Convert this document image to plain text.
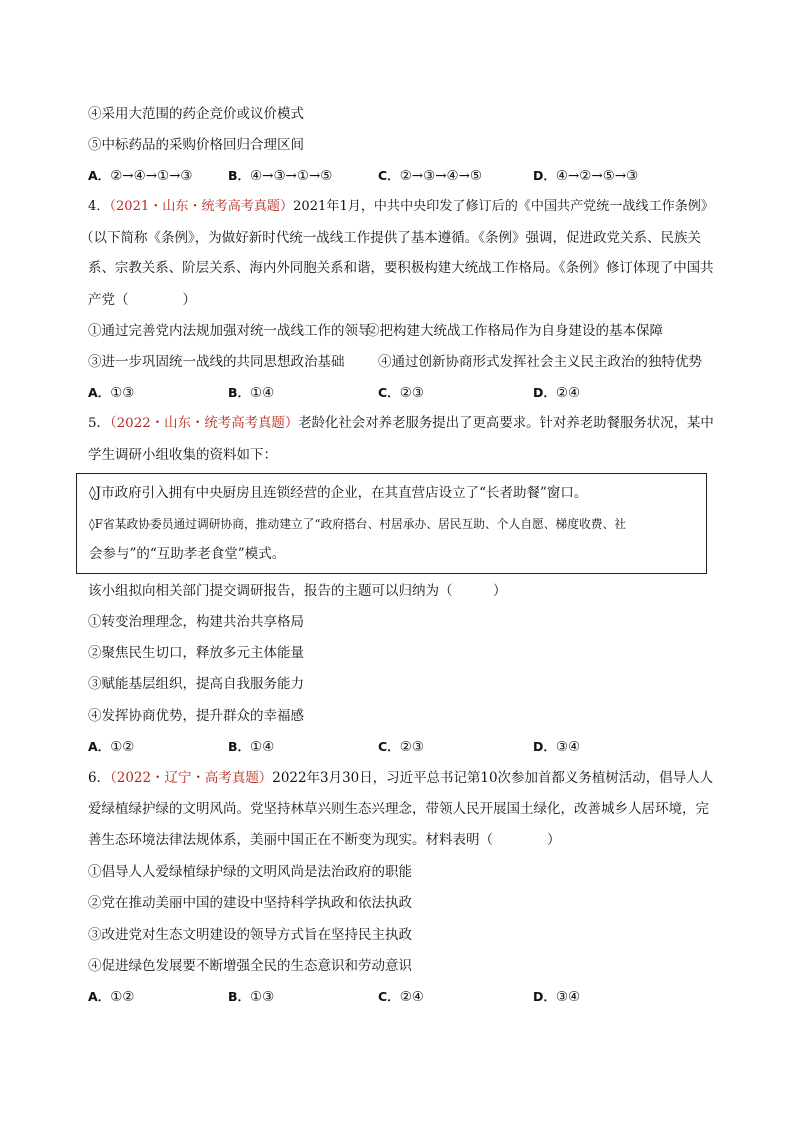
④采用大范围的药企竞价或议价模式
⑤中标药品的采购价格回归合理区间
A．②→④→①→③	B．④→③→①→⑤	C．②→③→④→⑤	D．④→②→⑤→③
4．（2021・山东・统考高考真题）2021年1月，中共中央印发了修订后的《中国共产党统一战线工作条例》
（以下简称《条例》，为做好新时代统一战线工作提供了基本遵循。《条例》强调，促进政党关系、民族关
系、宗教关系、阶层关系、海内外同胞关系和谐，要积极构建大统战工作格局。《条例》修订体现了中国共
产党（　　　　）
①通过完善党内法规加强对统一战线工作的领导
②把构建大统战工作格局作为自身建设的基本保障
③进一步巩固统一战线的共同思想政治基础 ④通过创新协商形式发挥社会主义民主政治的独特优势
A．①③	B．①④	C．②③	D．②④
5．（2022・山东・统考高考真题）老龄化社会对养老服务提出了更高要求。针对养老助餐服务状况，某中
学生调研小组收集的资料如下：
◊J市政府引入拥有中央厨房且连锁经营的企业，在其直营店设立了“长者助餐”窗口。
◊F省某政协委员通过调研协商，推动建立了“政府搭台、村居承办、居民互助、个人自愿、梯度收费、社
会参与”的“互助孝老食堂”模式。
该小组拟向相关部门提交调研报告，报告的主题可以归纳为（　　　）
①转变治理理念，构建共治共享格局
②聚焦民生切口，释放多元主体能量
③赋能基层组织，提高自我服务能力
④发挥协商优势，提升群众的幸福感
A．①②	B．①④	C．②③	D．③④
6．（2022・辽宁・高考真题）2022年3月30日，习近平总书记第10次参加首都义务植树活动，倡导人人
爱绿植绿护绿的文明风尚。党坚持林草兴则生态兴理念，带领人民开展国土绿化，改善城乡人居环境，完
善生态环境法律法规体系，美丽中国正在不断变为现实。材料表明（　　　　）
①倡导人人爱绿植绿护绿的文明风尚是法治政府的职能
②党在推动美丽中国的建设中坚持科学执政和依法执政
③改进党对生态文明建设的领导方式旨在坚持民主执政
④促进绿色发展要不断增强全民的生态意识和劳动意识
A．①②	B．①③	C．②④	D．③④
